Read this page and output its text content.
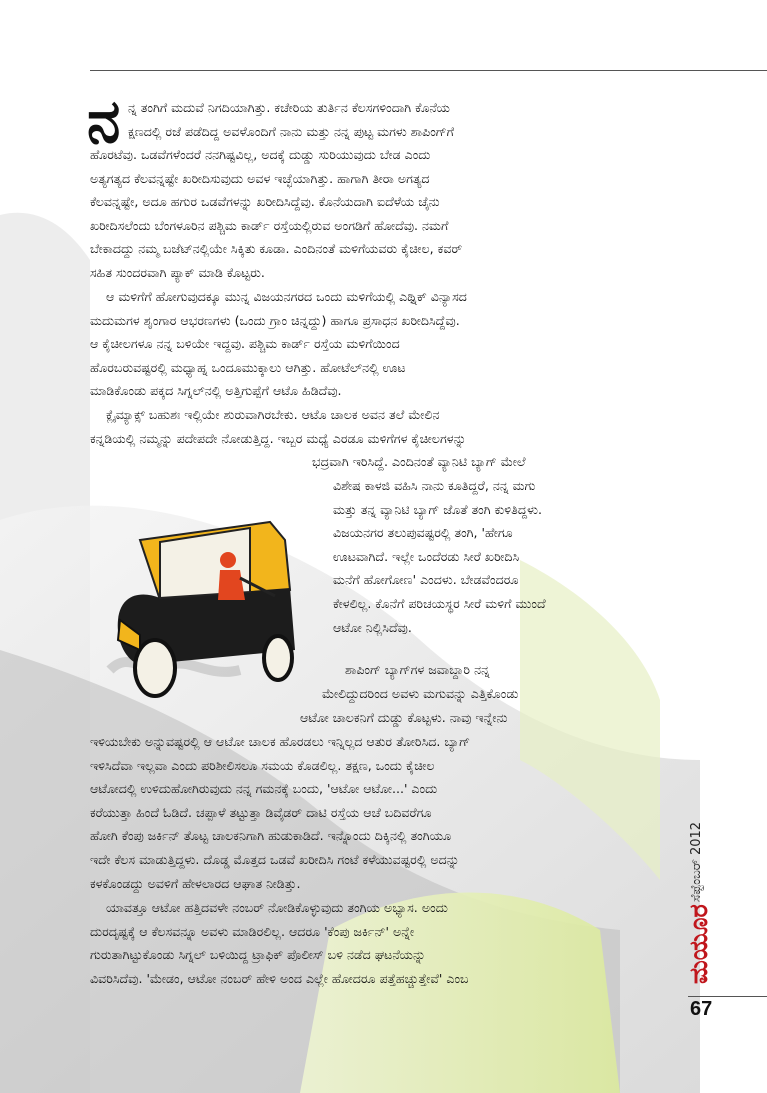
ನ ನ್ನ ತಂಗಿಗೆ ಮದುವೆ ನಿಗದಿಯಾಗಿತ್ತು. ಕಚೇರಿಯ ತುರ್ತಿನ ಕೆಲಸಗಳಿಂದಾಗಿ ಕೊನೆಯ
ಕ್ಷಣದಲ್ಲಿ ರಜೆ ಪಡೆದಿದ್ದ ಅವಳೊಂದಿಗೆ ನಾನು ಮತ್ತು ನನ್ನ ಪುಟ್ಟ ಮಗಳು ಶಾಪಿಂಗ್‌ಗೆ
ಹೊರಟೆವು. ಒಡವೆಗಳೆಂದರೆ ನನಗಿಷ್ಟವಿಲ್ಲ, ಅದಕ್ಕೆ ದುಡ್ಡು ಸುರಿಯುವುದು ಬೇಡ ಎಂದು
ಅತ್ಯಗತ್ಯದ ಕೆಲವನ್ನಷ್ಟೇ ಖರೀದಿಸುವುದು ಅವಳ ಇಚ್ಛೆಯಾಗಿತ್ತು. ಹಾಗಾಗಿ ತೀರಾ ಅಗತ್ಯದ
ಕೆಲವನ್ನಷ್ಟೇ, ಅದೂ ಹಗುರ ಒಡವೆಗಳನ್ನು ಖರೀದಿಸಿದ್ದೆವು. ಕೊನೆಯದಾಗಿ ಐದೆಳೆಯ ಚೈನು
ಖರೀದಿಸಲೆಂದು ಬೆಂಗಳೂರಿನ ಪಶ್ಚಿಮ ಕಾರ್ಡ್ ರಸ್ತೆಯಲ್ಲಿರುವ ಅಂಗಡಿಗೆ ಹೋದೆವು. ನಮಗೆ
ಬೇಕಾದದ್ದು ನಮ್ಮ ಬಜೆಟ್‌ನಲ್ಲಿಯೇ ಸಿಕ್ಕಿತು ಕೂಡಾ. ಎಂದಿನಂತೆ ಮಳಿಗೆಯವರು ಕೈಚೀಲ, ಕವರ್
ಸಹಿತ ಸುಂದರವಾಗಿ ಪ್ಯಾಕ್ ಮಾಡಿ ಕೊಟ್ಟರು.
ಆ ಮಳಿಗೆಗೆ ಹೋಗುವುದಕ್ಕೂ ಮುನ್ನ ವಿಜಯನಗರದ ಒಂದು ಮಳಿಗೆಯಲ್ಲಿ ಎಥ್ನಿಕ್ ವಿನ್ಯಾಸದ
ಮದುಮಗಳ ಶೃಂಗಾರ ಆಭರಣಗಳು (ಒಂದು ಗ್ರಾಂ ಚಿನ್ನದ್ದು) ಹಾಗೂ ಪ್ರಸಾಧನ ಖರೀದಿಸಿದ್ದೆವು.
ಆ ಕೈಚೀಲಗಳೂ ನನ್ನ ಬಳಿಯೇ ಇದ್ದವು. ಪಶ್ಚಿಮ ಕಾರ್ಡ್ ರಸ್ತೆಯ ಮಳಿಗೆಯಿಂದ
ಹೊರಬರುವಷ್ಟರಲ್ಲಿ ಮಧ್ಯಾಹ್ನ ಒಂದೂಮುಕ್ಕಾಲು ಆಗಿತ್ತು. ಹೋಟೆಲ್‌ನಲ್ಲಿ ಊಟ
ಮಾಡಿಕೊಂಡು ಪಕ್ಕದ ಸಿಗ್ನಲ್‌ನಲ್ಲಿ ಅತ್ತಿಗುಪ್ಪೆಗೆ ಆಟೊ ಹಿಡಿದೆವು.
ಕ್ಲೈಮ್ಯಾಕ್ಸ್ ಬಹುಶಃ ಇಲ್ಲಿಯೇ ಶುರುವಾಗಿರಬೇಕು. ಆಟೊ ಚಾಲಕ ಅವನ ತಲೆ ಮೇಲಿನ
ಕನ್ನಡಿಯಲ್ಲಿ ನಮ್ಮನ್ನು ಪದೇಪದೇ ನೋಡುತ್ತಿದ್ದ. ಇಬ್ಬರ ಮಧ್ಯೆ ಎರಡೂ ಮಳಿಗೆಗಳ ಕೈಚೀಲಗಳನ್ನು
ಭದ್ರವಾಗಿ ಇರಿಸಿದ್ದೆ. ಎಂದಿನಂತೆ ವ್ಯಾನಿಟಿ ಬ್ಯಾಗ್ ಮೇಲೆ
ವಿಶೇಷ ಕಾಳಜಿ ವಹಿಸಿ ನಾನು ಕೂತಿದ್ದರೆ, ನನ್ನ ಮಗು
ಮತ್ತು ತನ್ನ ವ್ಯಾನಿಟಿ ಬ್ಯಾಗ್ ಜೊತೆ ತಂಗಿ ಕುಳಿತಿದ್ದಳು.
ವಿಜಯನಗರ ತಲುಪುವಷ್ಟರಲ್ಲಿ ತಂಗಿ, 'ಹೇಗೂ
ಊಟವಾಗಿದೆ. ಇಲ್ಲೇ ಒಂದೆರಡು ಸೀರೆ ಖರೀದಿಸಿ
ಮನೆಗೆ ಹೋಗೋಣ' ಎಂದಳು. ಬೇಡವೆಂದರೂ
ಕೇಳಲಿಲ್ಲ. ಕೊನೆಗೆ ಪರಿಚಯಸ್ಥರ ಸೀರೆ ಮಳಿಗೆ ಮುಂದೆ
ಆಟೋ ನಿಲ್ಲಿಸಿದೆವು.
ಶಾಪಿಂಗ್ ಬ್ಯಾಗ್‌ಗಳ ಜವಾಬ್ದಾರಿ ನನ್ನ
ಮೇಲಿದ್ದುದರಿಂದ ಅವಳು ಮಗುವನ್ನು ಎತ್ತಿಕೊಂಡು
ಆಟೋ ಚಾಲಕನಿಗೆ ದುಡ್ಡು ಕೊಟ್ಟಳು. ನಾವು ಇನ್ನೇನು
ಇಳಿಯಬೇಕು ಅನ್ನುವಷ್ಟರಲ್ಲಿ ಆ ಆಟೋ ಚಾಲಕ ಹೊರಡಲು ಇನ್ನಿಲ್ಲದ ಆತುರ ತೋರಿಸಿದ. ಬ್ಯಾಗ್
ಇಳಿಸಿದೆವಾ ಇಲ್ಲವಾ ಎಂದು ಪರಿಶೀಲಿಸಲೂ ಸಮಯ ಕೊಡಲಿಲ್ಲ. ತಕ್ಷಣ, ಒಂದು ಕೈಚೀಲ
ಆಟೋದಲ್ಲಿ ಉಳಿದುಹೋಗಿರುವುದು ನನ್ನ ಗಮನಕ್ಕೆ ಬಂದು, 'ಆಟೋ ಆಟೋ...' ಎಂದು
ಕರೆಯುತ್ತಾ ಹಿಂದೆ ಓಡಿದೆ. ಚಪ್ಪಾಳೆ ತಟ್ಟುತ್ತಾ ಡಿವೈಡರ್ ದಾಟಿ ರಸ್ತೆಯ ಆಚೆ ಬದಿವರೆಗೂ
ಹೋಗಿ ಕೆಂಪು ಜರ್ಕಿನ್ ತೊಟ್ಟ ಚಾಲಕನಿಗಾಗಿ ಹುಡುಕಾಡಿದೆ. ಇನ್ನೊಂದು ದಿಕ್ಕಿನಲ್ಲಿ ತಂಗಿಯೂ
ಇದೇ ಕೆಲಸ ಮಾಡುತ್ತಿದ್ದಳು. ದೊಡ್ಡ ಮೊತ್ತದ ಒಡವೆ ಖರೀದಿಸಿ ಗಂಟೆ ಕಳೆಯುವಷ್ಟರಲ್ಲಿ ಅದನ್ನು
ಕಳಕೊಂಡದ್ದು ಅವಳಿಗೆ ಹೇಳಲಾರದ ಆಘಾತ ನೀಡಿತ್ತು.
ಯಾವತ್ತೂ ಆಟೋ ಹತ್ತಿದವಳೇ ನಂಬರ್ ನೋಡಿಕೊಳ್ಳುವುದು ತಂಗಿಯ ಅಭ್ಯಾಸ. ಅಂದು
ದುರದೃಷ್ಟಕ್ಕೆ ಆ ಕೆಲಸವನ್ನೂ ಅವಳು ಮಾಡಿರಲಿಲ್ಲ. ಆದರೂ 'ಕೆಂಪು ಜರ್ಕಿನ್' ಅನ್ನೇ
ಗುರುತಾಗಿಟ್ಟುಕೊಂಡು ಸಿಗ್ನಲ್ ಬಳಿಯಿದ್ದ ಟ್ರಾಫಿಕ್ ಪೊಲೀಸ್ ಬಳಿ ನಡೆದ ಘಟನೆಯನ್ನು
ವಿವರಿಸಿದೆವು. 'ಮೇಡಂ, ಆಟೋ ನಂಬರ್ ಹೇಳಿ ಅಂದ ಎಲ್ಲೇ ಹೋದರೂ ಪತ್ತೆಹಚ್ಚುತ್ತೇವೆ' ಎಂಬ
ಸೆಪ್ಟೆಂಬರ್ 2012
ಮಯೂರ
67
